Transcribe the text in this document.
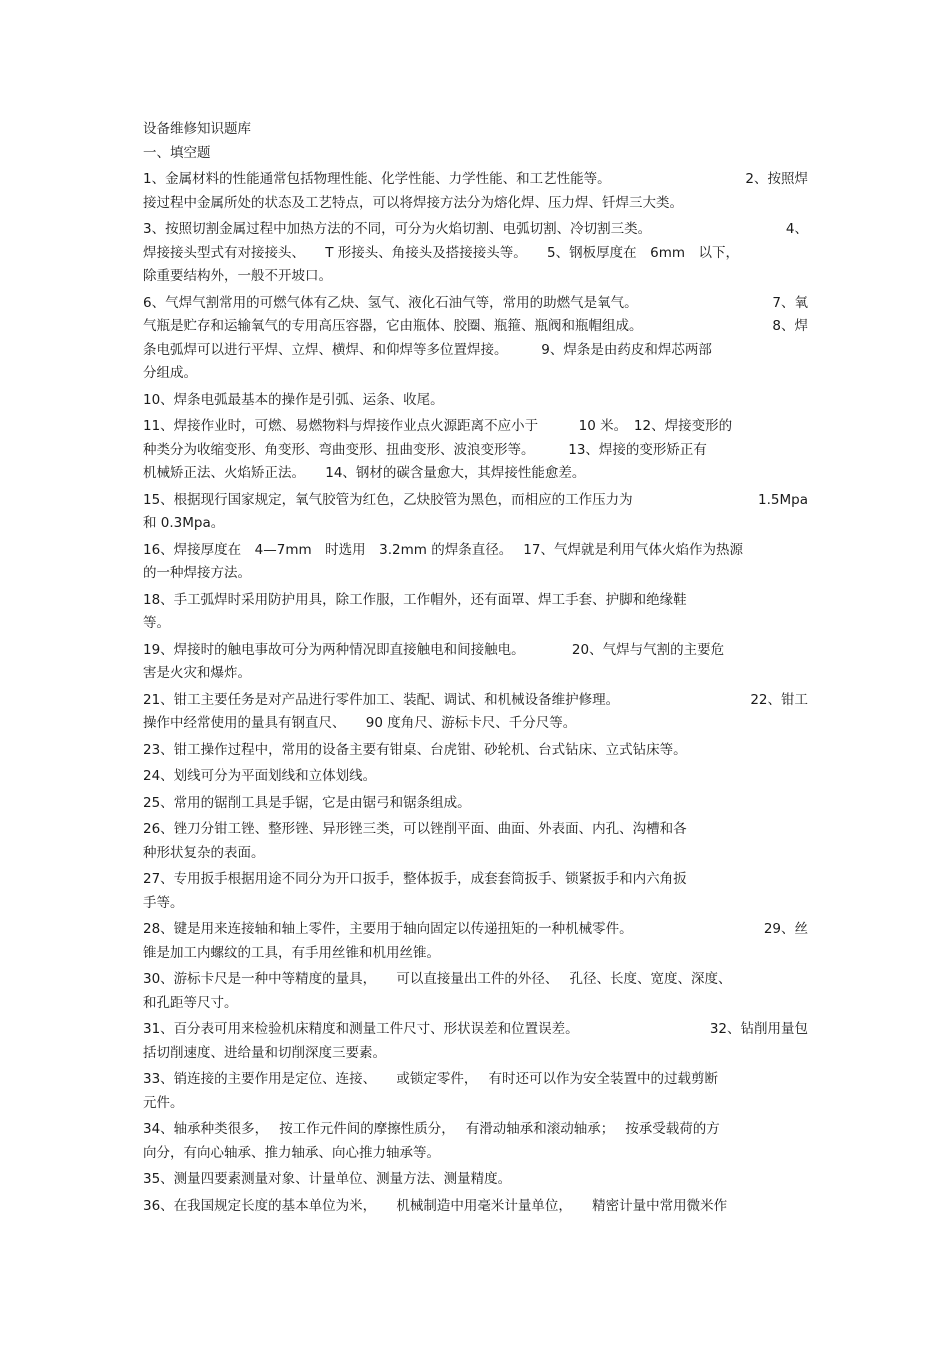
设备维修知识题库
一、填空题
1、金属材料的性能通常包括物理性能、化学性能、力学性能、和工艺性能等。	2、按照焊
接过程中金属所处的状态及工艺特点，可以将焊接方法分为熔化焊、压力焊、钎焊三大类。
3、按照切割金属过程中加热方法的不同，可分为火焰切割、电弧切割、冷切割三类。	4、
焊接接头型式有对接接头、　　T 形接头、角接头及搭接接头等。　　5、钢板厚度在　6mm　以下，
除重要结构外，一般不开坡口。
6、气焊气割常用的可燃气体有乙炔、氢气、液化石油气等，常用的助燃气是氧气。	7、氧
气瓶是贮存和运输氧气的专用高压容器，它由瓶体、胶圈、瓶箍、瓶阀和瓶帽组成。	8、焊
条电弧焊可以进行平焊、立焊、横焊、和仰焊等多位置焊接。　　　9、焊条是由药皮和焊芯两部
分组成。
10、焊条电弧最基本的操作是引弧、运条、收尾。
11、焊接作业时，可燃、易燃物料与焊接作业点火源距离不应小于　　　10 米。　12、焊接变形的
种类分为收缩变形、角变形、弯曲变形、扭曲变形、波浪变形等。　　　13、焊接的变形矫正有
机械矫正法、火焰矫正法。　　14、钢材的碳含量愈大，其焊接性能愈差。
15、根据现行国家规定，氧气胶管为红色，乙炔胶管为黑色，而相应的工作压力为	1.5Mpa
和 0.3Mpa。
16、焊接厚度在　4—7mm　时选用　3.2mm 的焊条直径。　 17、气焊就是利用气体火焰作为热源
的一种焊接方法。
18、手工弧焊时采用防护用具，除工作服，工作帽外，还有面罩、焊工手套、护脚和绝缘鞋
等。
19、焊接时的触电事故可分为两种情况即直接触电和间接触电。　　　　20、气焊与气割的主要危
害是火灾和爆炸。
21、钳工主要任务是对产品进行零件加工、装配、调试、和机械设备维护修理。	22、钳工
操作中经常使用的量具有钢直尺、　　90 度角尺、游标卡尺、千分尺等。
23、钳工操作过程中，常用的设备主要有钳桌、台虎钳、砂轮机、台式钻床、立式钻床等。
24、划线可分为平面划线和立体划线。
25、常用的锯削工具是手锯，它是由锯弓和锯条组成。
26、锉刀分钳工锉、整形锉、异形锉三类，可以锉削平面、曲面、外表面、内孔、沟槽和各
种形状复杂的表面。
27、专用扳手根据用途不同分为开口扳手，整体扳手，成套套筒扳手、锁紧扳手和内六角扳
手等。
28、键是用来连接轴和轴上零件，主要用于轴向固定以传递扭矩的一种机械零件。	29、丝
锥是加工内螺纹的工具，有手用丝锥和机用丝锥。
30、游标卡尺是一种中等精度的量具，　　可以直接量出工件的外径、　 孔径、长度、宽度、深度、
和孔距等尺寸。
31、百分表可用来检验机床精度和测量工件尺寸、形状误差和位置误差。	32、钻削用量包
括切削速度、进给量和切削深度三要素。
33、销连接的主要作用是定位、连接、　　或锁定零件，　 有时还可以作为安全装置中的过载剪断
元件。
34、轴承种类很多，　 按工作元件间的摩擦性质分，　 有滑动轴承和滚动轴承；　 按承受载荷的方
向分，有向心轴承、推力轴承、向心推力轴承等。
35、测量四要素测量对象、计量单位、测量方法、测量精度。
36、在我国规定长度的基本单位为米，　　机械制造中用毫米计量单位，　　精密计量中常用微米作
